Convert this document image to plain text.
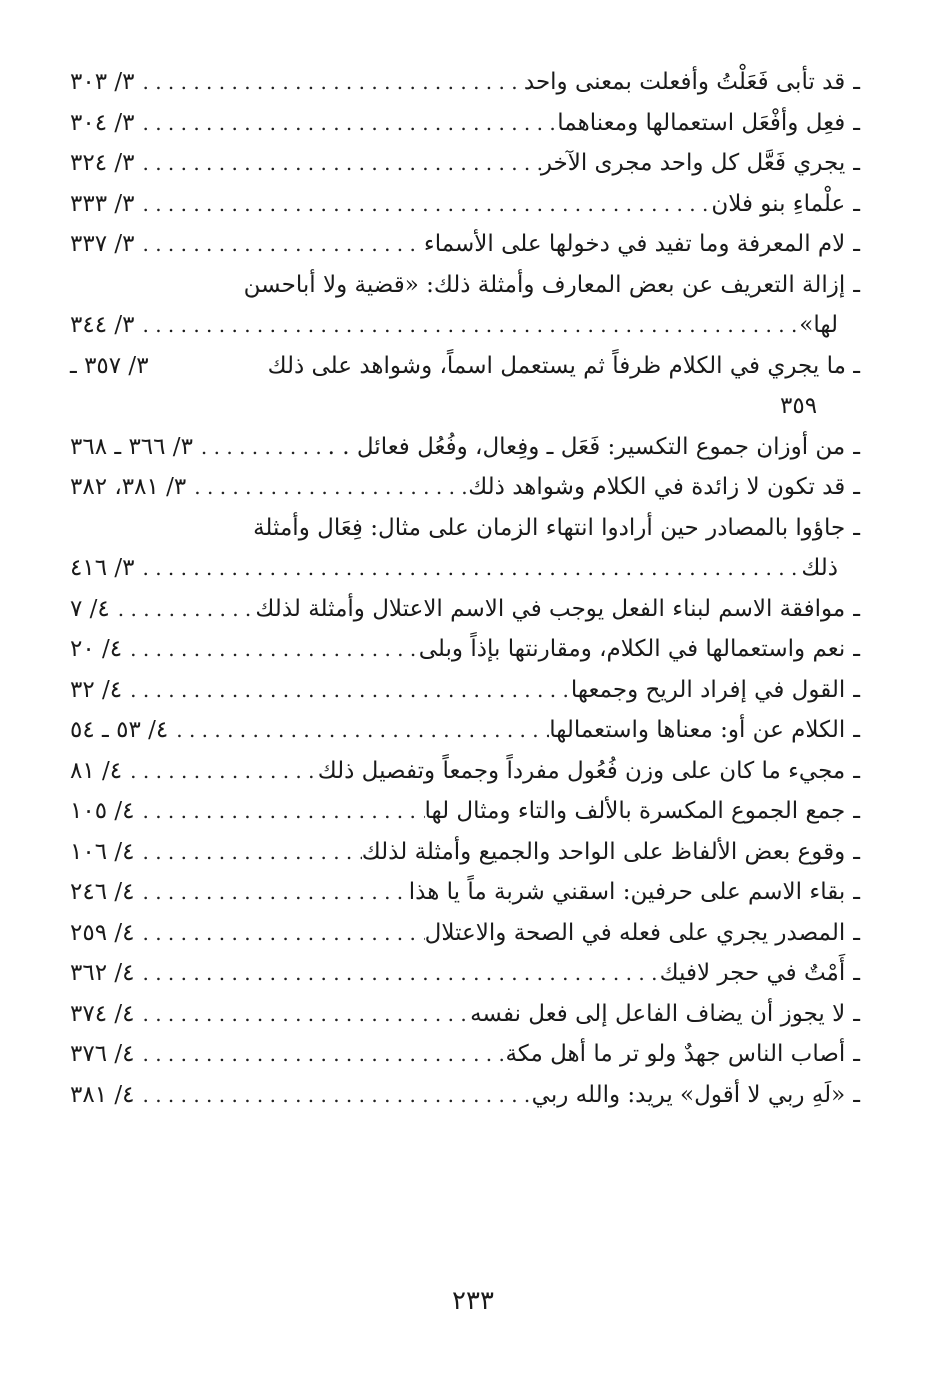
ـ
قد تأبى فَعَلْتُ وأفعلت بمعنى واحد
. . .
٣/ ٣٠٣
ـ
فعِل وأفْعَل استعمالها ومعناهما
. . .
٣/ ٣٠٤
ـ
يجري فَعَّل كل واحد مجرى الآخر
. . .
٣/ ٣٢٤
ـ
علْماءِ بنو فلان
. . .
٣/ ٣٣٣
ـ
لام المعرفة وما تفيد في دخولها على الأسماء
. . .
٣/ ٣٣٧
ـ
إزالة التعريف عن بعض المعارف وأمثلة ذلك: «قضية ولا أباحسن
لها»
. . .
٣/ ٣٤٤
ـ ما يجري في الكلام ظرفاً ثم يستعمل اسماً، وشواهد على ذلك
٣/ ٣٥٧ ـ
٣٥٩
ـ
من أوزان جموع التكسير: فَعَل ـ وفِعال، وفُعُل فعائل . .
. . .
٣/ ٣٦٦ ـ ٣٦٨
ـ
قد تكون لا زائدة في الكلام وشواهد ذلك
. . .
٣/ ٣٨١، ٣٨٢
ـ
جاؤوا بالمصادر حين أرادوا انتهاء الزمان على مثال: فِعَال وأمثلة
ذلك
. . .
٣/ ٤١٦
ـ
موافقة الاسم لبناء الفعل يوجب في الاسم الاعتلال وأمثلة لذلك
. . .
٤/ ٧
ـ
نعم واستعمالها في الكلام، ومقارنتها بإذاً وبلى
. . .
٤/ ٢٠
ـ
القول في إفراد الريح وجمعها
. . .
٤/ ٣٢
ـ
الكلام عن أو: معناها واستعمالها
. . .
٤/ ٥٣ ـ ٥٤
ـ
مجيء ما كان على وزن فُعُول مفرداً وجمعاً وتفصيل ذلك
. . .
٤/ ٨١
ـ
جمع الجموع المكسرة بالألف والتاء ومثال لها
. . .
٤/ ١٠٥
ـ
وقوع بعض الألفاظ على الواحد والجميع وأمثلة لذلك
. . .
٤/ ١٠٦
ـ
بقاء الاسم على حرفين: اسقني شربة ماً يا هذا
. . .
٤/ ٢٤٦
ـ
المصدر يجري على فعله في الصحة والاعتلال
. . .
٤/ ٢٥٩
ـ
أَمْتٌ في حجر لافيك
. . .
٤/ ٣٦٢
ـ
لا يجوز أن يضاف الفاعل إلى فعل نفسه
. . .
٤/ ٣٧٤
ـ
أصاب الناس جهدٌ ولو تر ما أهل مكة
. . .
٤/ ٣٧٦
ـ
«لَهِ ربي لا أقول» يريد: والله ربي
. . .
٤/ ٣٨١
٢٣٣
